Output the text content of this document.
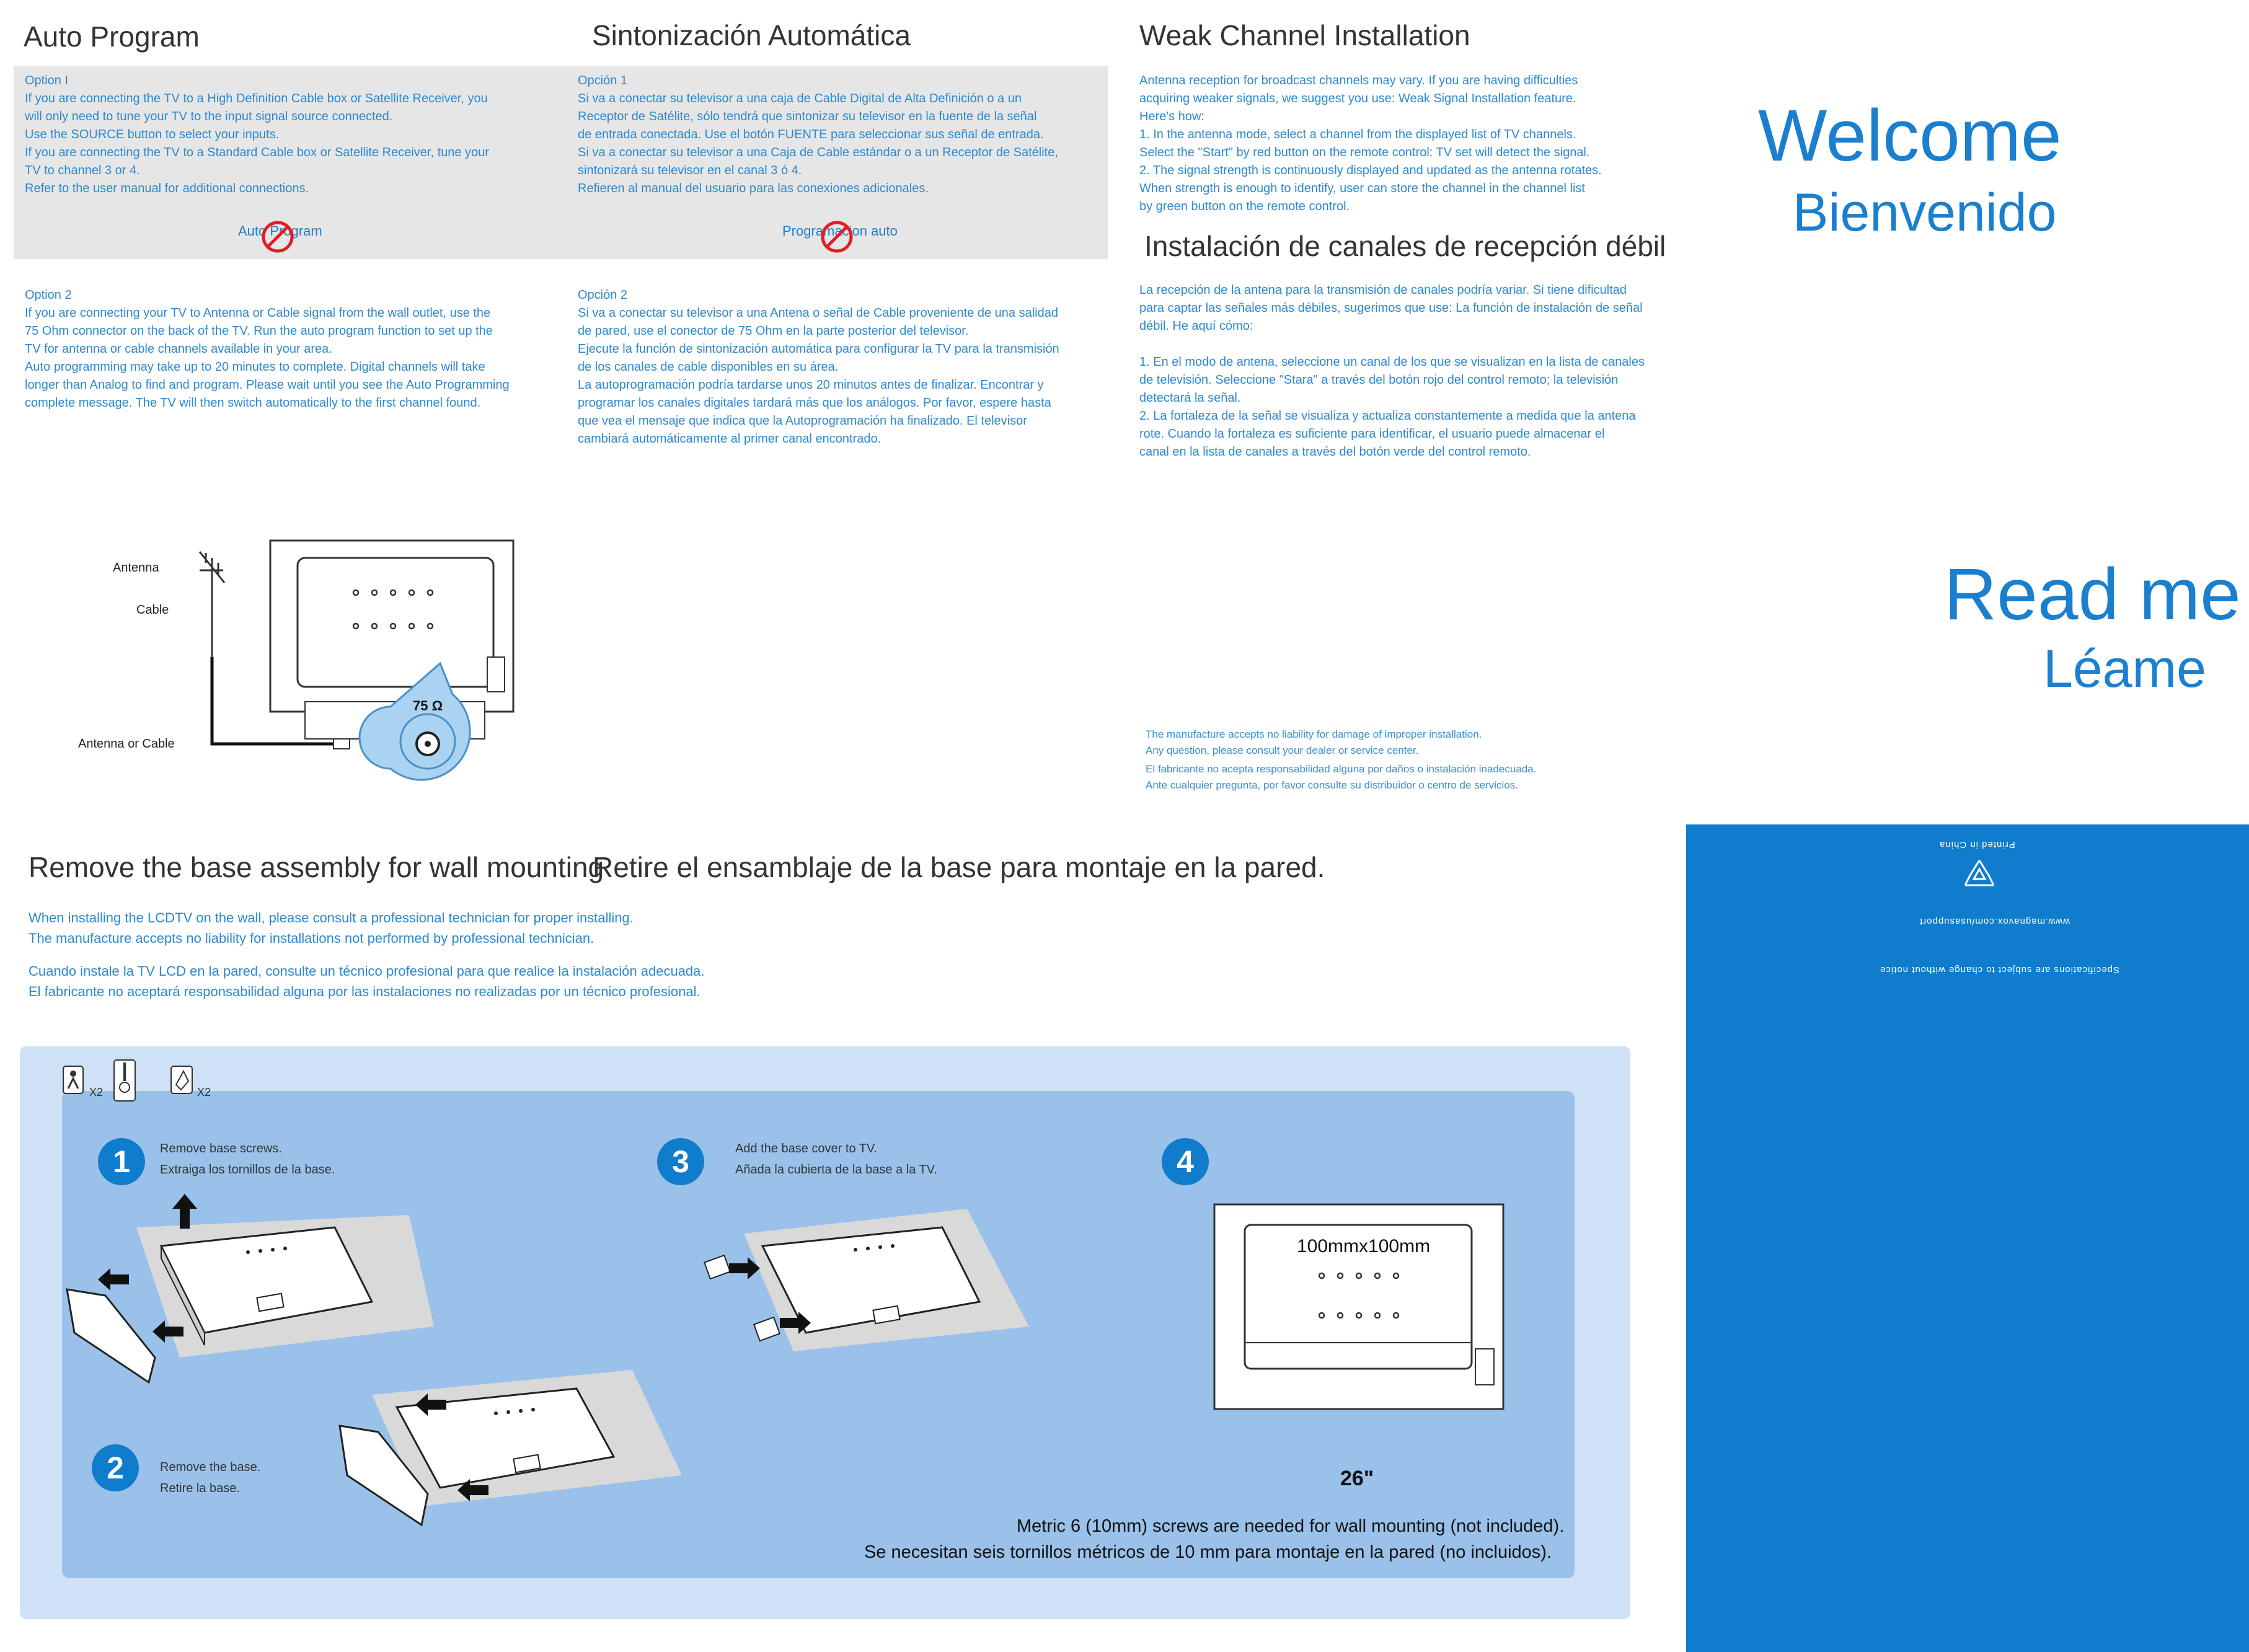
Auto Program
Option I
If you are connecting the TV to a High Definition Cable box or Satellite Receiver, you
will only need to tune your TV to the input signal source connected.
Use the SOURCE button to select your inputs.
If you are connecting the TV to a Standard Cable box or Satellite Receiver, tune your
TV to channel 3 or 4.
Refer to the user manual for additional connections.
Auto Program
Option 2
If you are connecting your TV to Antenna or Cable signal from the wall outlet, use the
75 Ohm connector on the back of the TV. Run the auto program function to set up the
TV for antenna or cable channels available in your area.
Auto programming may take up to 20 minutes to complete. Digital channels will take
longer than Analog to find and program. Please wait until you see the Auto Programming
complete message. The TV will then switch automatically to the first channel found.
Sintonización Automática
Opción 1
Si va a conectar su televisor a una caja de Cable Digital de Alta Definición o a un
Receptor de Satélite, sólo tendrá que sintonizar su televisor en la fuente de la señal
de entrada conectada. Use el botón FUENTE para seleccionar sus señal de entrada.
Si va a conectar su televisor a una Caja de Cable estándar o a un Receptor de Satélite,
sintonizará su televisor en el canal 3 ó 4.
Refieren al manual del usuario para las conexiones adicionales.
Programacion auto
Opción 2
Si va a conectar su televisor a una Antena o señal de Cable proveniente de una salidad
de pared, use el conector de 75 Ohm en la parte posterior del televisor.
Ejecute la función de sintonización automática para configurar la TV para la transmisión
de los canales de cable disponibles en su área.
La autoprogramación podría tardarse unos 20 minutos antes de finalizar. Encontrar y
programar los canales digitales tardará más que los análogos. Por favor, espere hasta
que vea el mensaje que indica que la Autoprogramación ha finalizado. El televisor
cambiará automáticamente al primer canal encontrado.
Weak Channel Installation
Antenna reception for broadcast channels may vary. If you are having difficulties
acquiring weaker signals, we suggest you use: Weak Signal Installation feature.
Here's how:
1. In the antenna mode, select a channel from the displayed list of TV channels.
Select the "Start" by red button on the remote control: TV set will detect the signal.
2. The signal strength is continuously displayed and updated as the antenna rotates.
When strength is enough to identify, user can store the channel in the channel list
by green button on the remote control.
Instalación de canales de recepción débil
La recepción de la antena para la transmisión de canales podría variar. Si tiene dificultad
para captar las señales más débiles, sugerimos que use: La función de instalación de señal
débil. He aquí cómo:

1. En el modo de antena, seleccione un canal de los que se visualizan en la lista de canales
de televisión. Seleccione "Stara" a través del botón rojo del control remoto; la televisión
detectará la señal.
2. La fortaleza de la señal se visualiza y actualiza constantemente a medida que la antena
rote. Cuando la fortaleza es suficiente para identificar, el usuario puede almacenar el
canal en la lista de canales a través del botón verde del control remoto.
The manufacture accepts no liability for damage of improper installation.
Any question, please consult your dealer or service center.
El fabricante no acepta responsabilidad alguna por daños o instalación inadecuada.
Ante cualquier pregunta, por favor consulte su distribuidor o centro de servicios.
Antenna
Cable
Antenna or Cable
75 Ω
Welcome
Bienvenido
Read me
Léame
Printed in China
www.magnavox.com/usasupport
Specifications are subject to change without notice
M1TE03.481-1.A
Remove the base assembly for wall mounting
Retire el ensamblaje de la base para montaje en la pared.
When installing the LCDTV on the wall, please consult a professional technician for proper installing.
The manufacture accepts no liability for installations not performed by professional technician.
Cuando instale la TV LCD en la pared, consulte un técnico profesional para que realice la instalación adecuada.
El fabricante no aceptará responsabilidad alguna por las instalaciones no realizadas por un técnico profesional.
X2	X2
1	Remove base screws.
Extraiga los tornillos de la base.
2	Remove the base.
Retire la base.
3	Add the base cover to TV.
Añada la cubierta de la base a la TV.	4
100mmx100mm
26"
Metric 6 (10mm) screws are needed for wall mounting (not included).
Se necesitan seis tornillos métricos de 10 mm para montaje en la pared (no incluidos).
